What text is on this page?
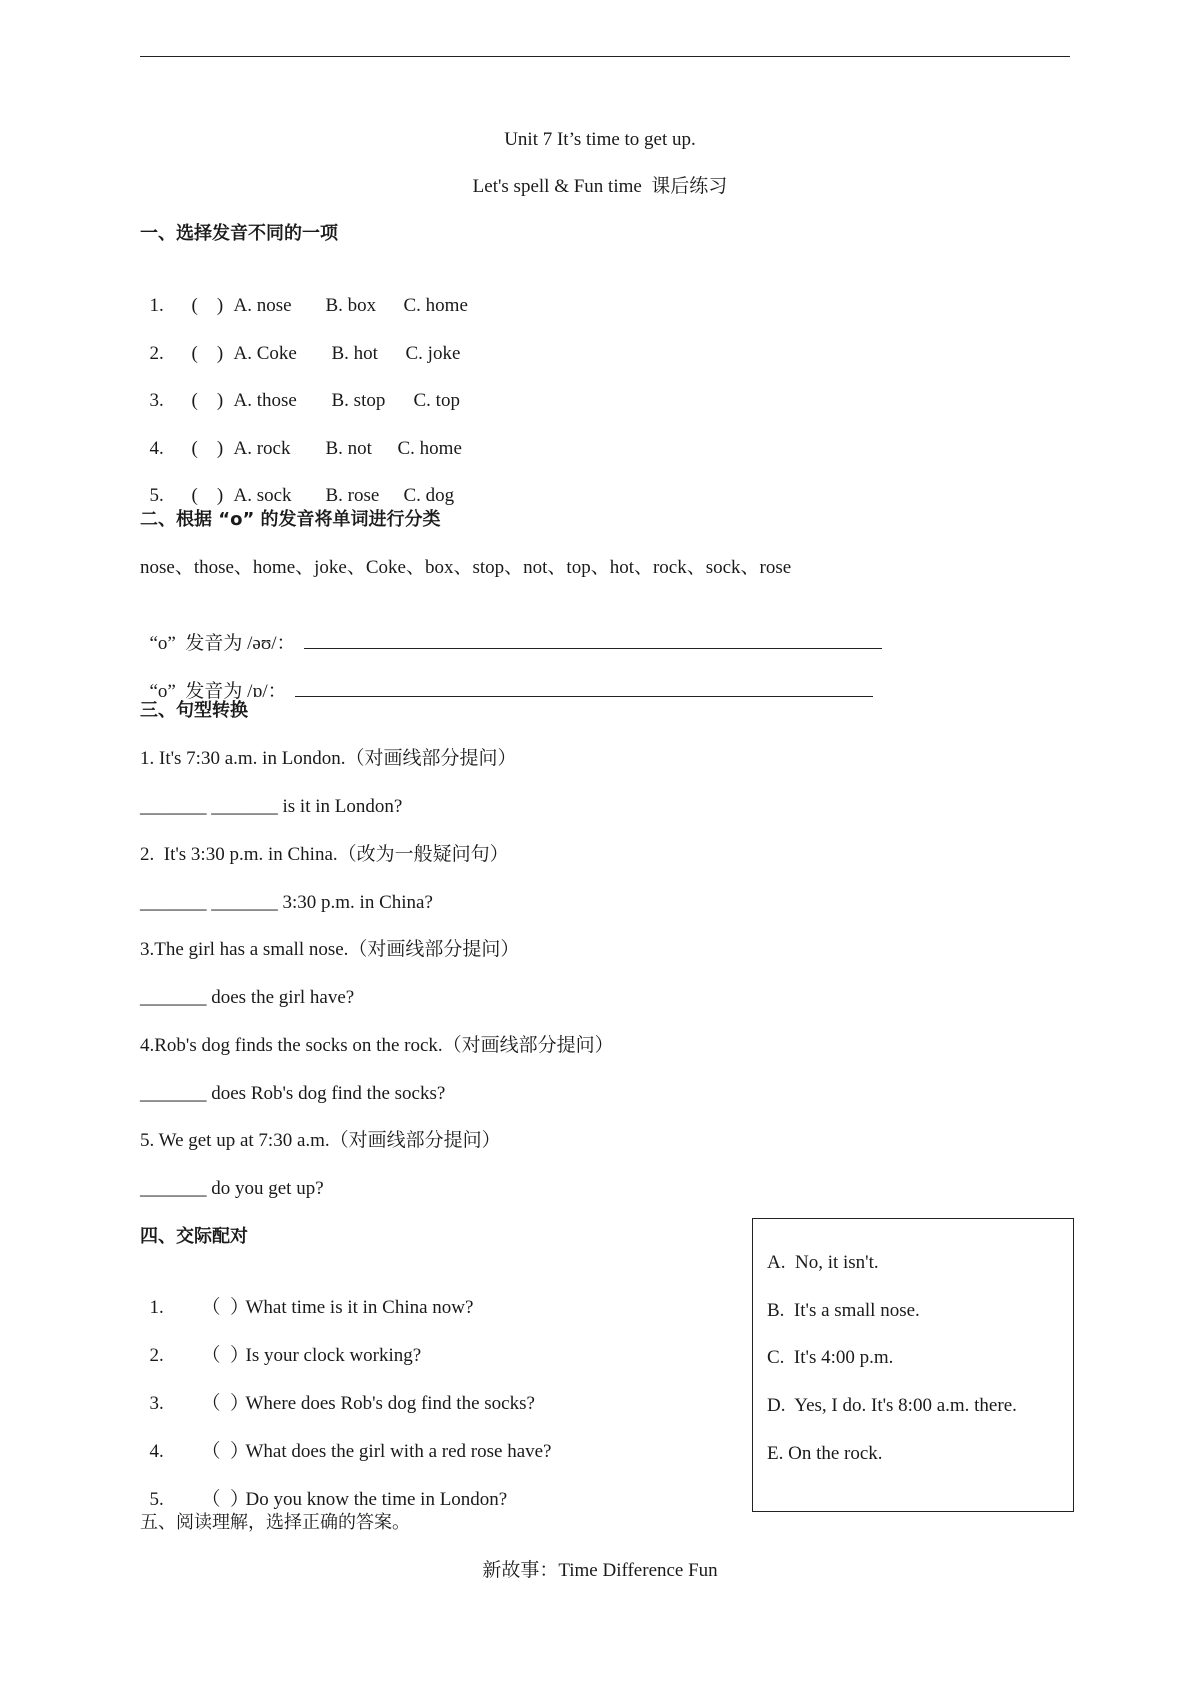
Unit 7 It’s time to get up.
Let's spell & Fun time  课后练习
一、选择发音不同的一项

1. (    ) A. nose B. box C. home

2. (    ) A. Coke B. hot C. joke

3. (    ) A. those B. stop C. top

4. (    ) A. rock B. not C. home

5. (    ) A. sock B. rose C. dog

二、根据 “o” 的发音将单词进行分类
nose、those、home、joke、Coke、box、stop、not、top、hot、rock、sock、rose

“o”  发音为 /əʊ/：

“o”  发音为 /ɒ/：

三、句型转换
1. It's 7:30 a.m. in London.（对画线部分提问）
_______ _______ is it in London?
2.  It's 3:30 p.m. in China.（改为一般疑问句）
_______ _______ 3:30 p.m. in China?
3.The girl has a small nose.（对画线部分提问）
_______ does the girl have?
4.Rob's dog finds the socks on the rock.（对画线部分提问）
_______ does Rob's dog find the socks?
5. We get up at 7:30 a.m.（对画线部分提问）
_______ do you get up?
四、交际配对

1. （  ）What time is it in China now?

2. （  ）Is your clock working?

3. （  ）Where does Rob's dog find the socks?

4. （  ）What does the girl with a red rose have?

5. （  ）Do you know the time in London?

A.  No, it isn't.
B.  It's a small nose.
C.  It's 4:00 p.m.
D.  Yes, I do. It's 8:00 a.m. there.
E. On the rock.
五、阅读理解，选择正确的答案。
新故事：Time Difference Fun
